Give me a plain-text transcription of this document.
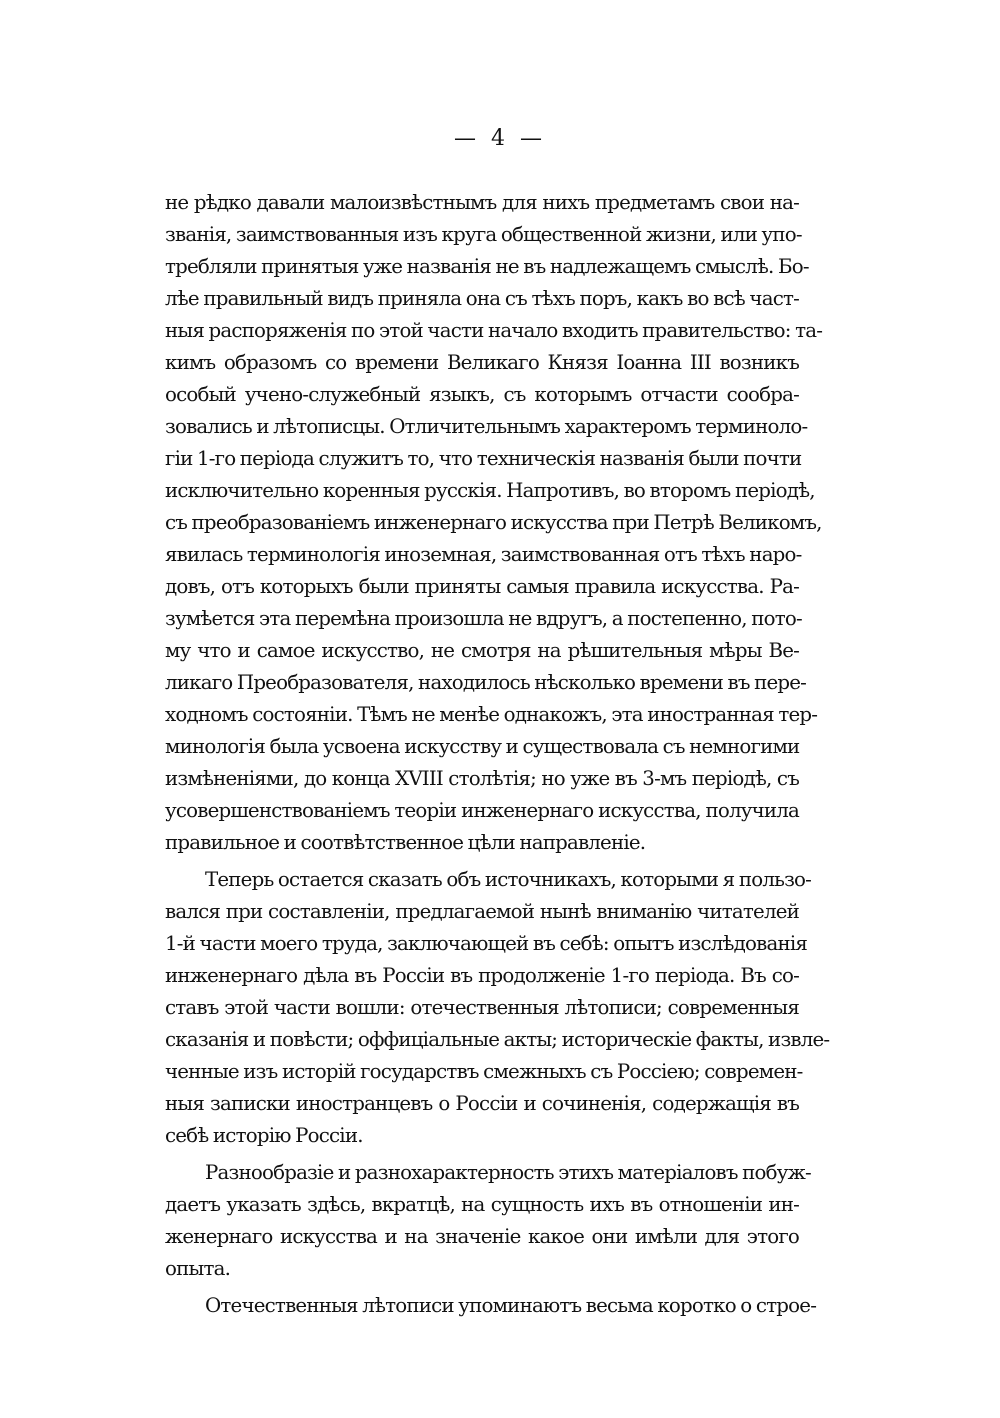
— 4 —
не рѣдко давали малоизвѣстнымъ для нихъ предметамъ свои на-
званія, заимствованныя изъ круга общественной жизни, или упо-
требляли принятыя уже названія не въ надлежащемъ смыслѣ. Бо-
лѣе правильный видъ приняла она съ тѣхъ поръ, какъ во всѣ част-
ныя распоряженія по этой части начало входить правительство: та-
кимъ образомъ со времени Великаго Князя Іоанна III возникъ
особый учено-служебный языкъ, съ которымъ отчасти сообра-
зовались и лѣтописцы. Отличительнымъ характеромъ терминоло-
гіи 1-го періода служитъ то, что техническія названія были почти
исключительно коренныя русскія. Напротивъ, во второмъ періодѣ,
съ преобразованіемъ инженернаго искусства при Петрѣ Великомъ,
явилась терминологія иноземная, заимствованная отъ тѣхъ наро-
довъ, отъ которыхъ были приняты самыя правила искусства. Ра-
зумѣется эта перемѣна произошла не вдругъ, а постепенно, пото-
му что и самое искусство, не смотря на рѣшительныя мѣры Ве-
ликаго Преобразователя, находилось нѣсколько времени въ пере-
ходномъ состояніи. Тѣмъ не менѣе однакожъ, эта иностранная тер-
минологія была усвоена искусству и существовала съ немногими
измѣненіями, до конца XVIII столѣтія; но уже въ 3-мъ періодѣ, съ
усовершенствованіемъ теоріи инженернаго искусства, получила
правильное и соотвѣтственное цѣли направленіе.
Теперь остается сказать объ источникахъ, которыми я пользо-
вался при составленіи, предлагаемой нынѣ вниманію читателей
1-й части моего труда, заключающей въ себѣ: опытъ изслѣдованія
инженернаго дѣла въ Россіи въ продолженіе 1-го періода. Въ со-
ставъ этой части вошли: отечественныя лѣтописи; современныя
сказанія и повѣсти; оффиціальные акты; историческіе факты, извле-
ченные изъ исторій государствъ смежныхъ съ Россіею; современ-
ныя записки иностранцевъ о Россіи и сочиненія, содержащія въ
себѣ исторію Россіи.
Разнообразіе и разнохарактерность этихъ матеріаловъ побуж-
даетъ указать здѣсь, вкратцѣ, на сущность ихъ въ отношеніи ин-
женернаго искусства и на значеніе какое они имѣли для этого
опыта.
Отечественныя лѣтописи упоминаютъ весьма коротко о строе-
